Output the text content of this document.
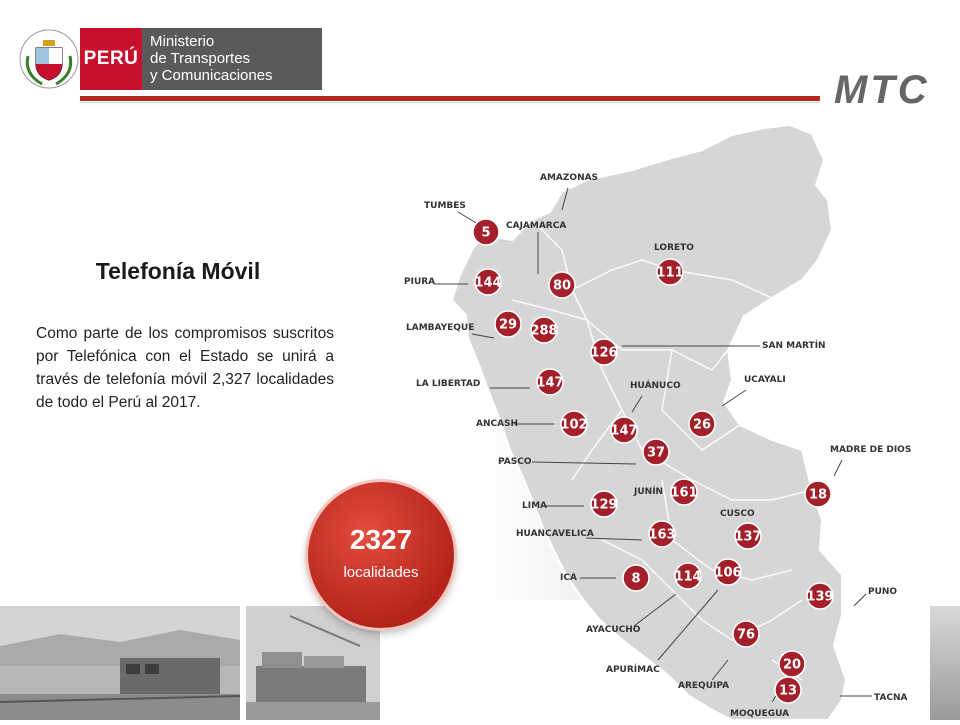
PERÚ
Ministerio
de Transportes
y Comunicaciones	MTC
Telefonía Móvil
Como parte de los compromisos suscritos por Telefónica con el Estado se unirá a través de telefonía móvil 2,327 localidades de todo el Perú al 2017.
TUMBES
AMAZONAS
CAJAMARCA
LORETO
PIURA
LAMBAYEQUE
SAN MARTÍN
LA LIBERTAD	HUÁNUCO
UCAYALI
ANCASH
PASCO
MADRE DE DIOS
LIMA
JUNÍN
CUSCO
HUANCAVELICA
ICA
AYACUCHO
APURÍMAC
PUNO
AREQUIPA
MOQUEGUA
TACNA
5
80
111
144
29 288
126
147
147	26
102
37
18
129
161
137
163
8	114 106
139
76
20
13
2327
localidades
